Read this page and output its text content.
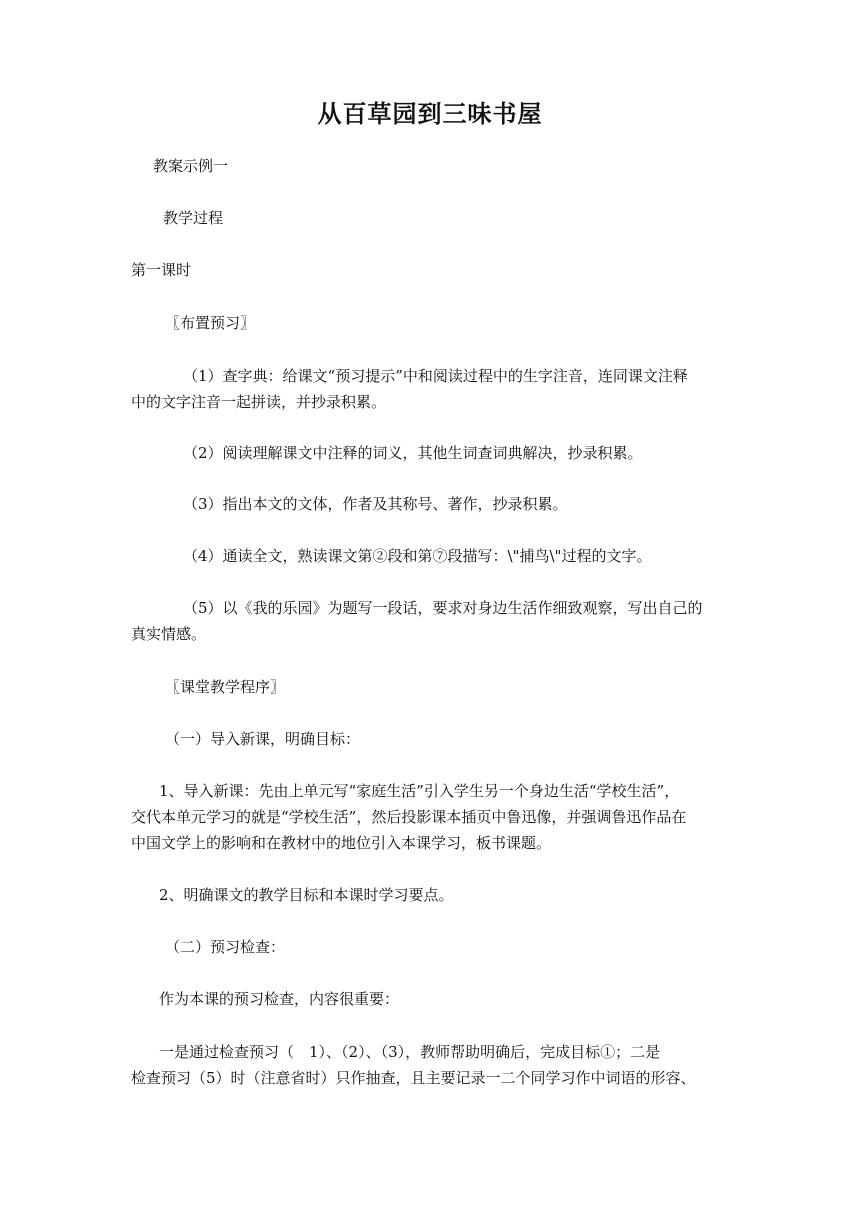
从百草园到三味书屋
教案示例一
教学过程
第一课时
〖布置预习〗
（1）查字典：给课文“预习提示”中和阅读过程中的生字注音，连同课文注释
中的文字注音一起拼读，并抄录积累。
（2）阅读理解课文中注释的词义，其他生词查词典解决，抄录积累。
（3）指出本文的文体，作者及其称号、著作，抄录积累。
（4）通读全文，熟读课文第②段和第⑦段描写：\"捕鸟\"过程的文字。
（5）以《我的乐园》为题写一段话，要求对身边生活作细致观察，写出自己的
真实情感。
〖课堂教学程序〗
（一）导入新课，明确目标：
1、导入新课：先由上单元写“家庭生活”引入学生另一个身边生活“学校生活”，
交代本单元学习的就是“学校生活”，然后投影课本插页中鲁迅像，并强调鲁迅作品在
中国文学上的影响和在教材中的地位引入本课学习，板书课题。
2、明确课文的教学目标和本课时学习要点。
（二）预习检查：
作为本课的预习检查，内容很重要：
一是通过检查预习（　1）、（2）、（3），教师帮助明确后，完成目标①；二是
检查预习（5）时（注意省时）只作抽查，且主要记录一二个同学习作中词语的形容、
